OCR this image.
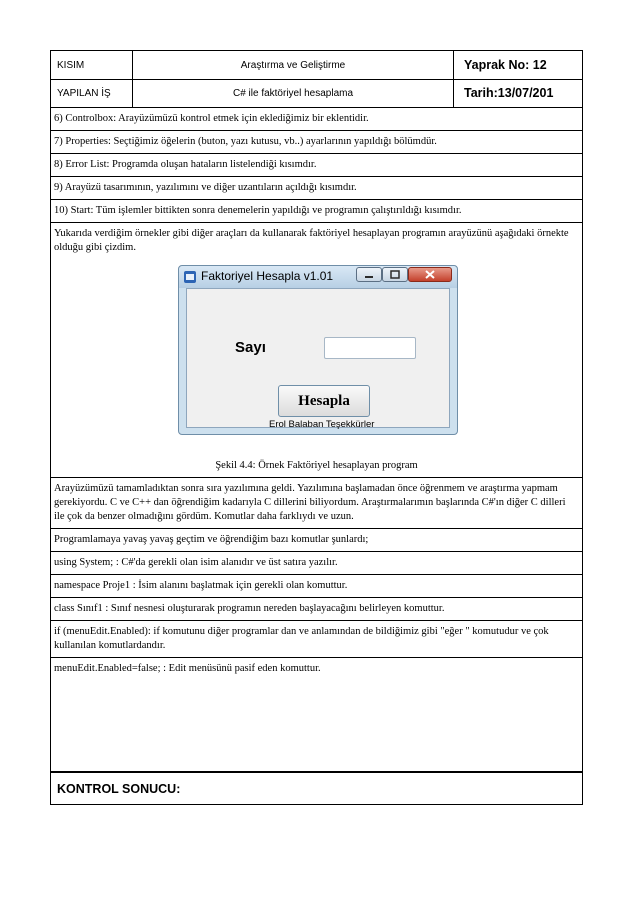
KISIM	Araştırma ve Geliştirme	Yaprak No: 12
YAPILAN İŞ	C# ile faktöriyel hesaplama	Tarih:13/07/201
6) Controlbox: Arayüzümüzü kontrol etmek için eklediğimiz bir eklentidir.
7) Properties: Seçtiğimiz öğelerin (buton, yazı kutusu, vb..) ayarlarının yapıldığı bölümdür.
8) Error List: Programda oluşan hataların listelendiği kısımdır.
9) Arayüzü tasarımının, yazılımını ve diğer uzantıların açıldığı kısımdır.
10) Start: Tüm işlemler bittikten sonra denemelerin yapıldığı ve programın çalıştırıldığı kısımdır.
Yukarıda verdiğim örnekler gibi diğer araçları da kullanarak faktöriyel hesaplayan programın arayüzünü aşağıdaki örnekte olduğu gibi çizdim.
Faktoriyel Hesapla v1.01
Sayı
Hesapla
Erol Balaban Teşekkürler
Şekil 4.4: Örnek Faktöriyel hesaplayan program
Arayüzümüzü tamamladıktan sonra sıra yazılımına geldi. Yazılımına başlamadan önce öğrenmem ve araştırma yapmam gerekiyordu. C ve C++ dan öğrendiğim kadarıyla C dillerini biliyordum. Araştırmalarımın başlarında C#'ın diğer C dilleri ile çok da benzer olmadığını gördüm. Komutlar daha farklıydı ve uzun.
Programlamaya yavaş yavaş geçtim ve öğrendiğim bazı komutlar şunlardı;
using System; : C#'da gerekli olan isim alanıdır ve üst satıra yazılır.
namespace Proje1 : İsim alanını başlatmak için gerekli olan komuttur.
class Sınıf1 : Sınıf nesnesi oluşturarak programın nereden başlayacağını belirleyen komuttur.
if (menuEdit.Enabled): if komutunu diğer programlar dan ve anlamından de bildiğimiz gibi "eğer " komutudur ve çok kullanılan komutlardandır.
menuEdit.Enabled=false; : Edit menüsünü pasif eden komuttur.
KONTROL SONUCU:
